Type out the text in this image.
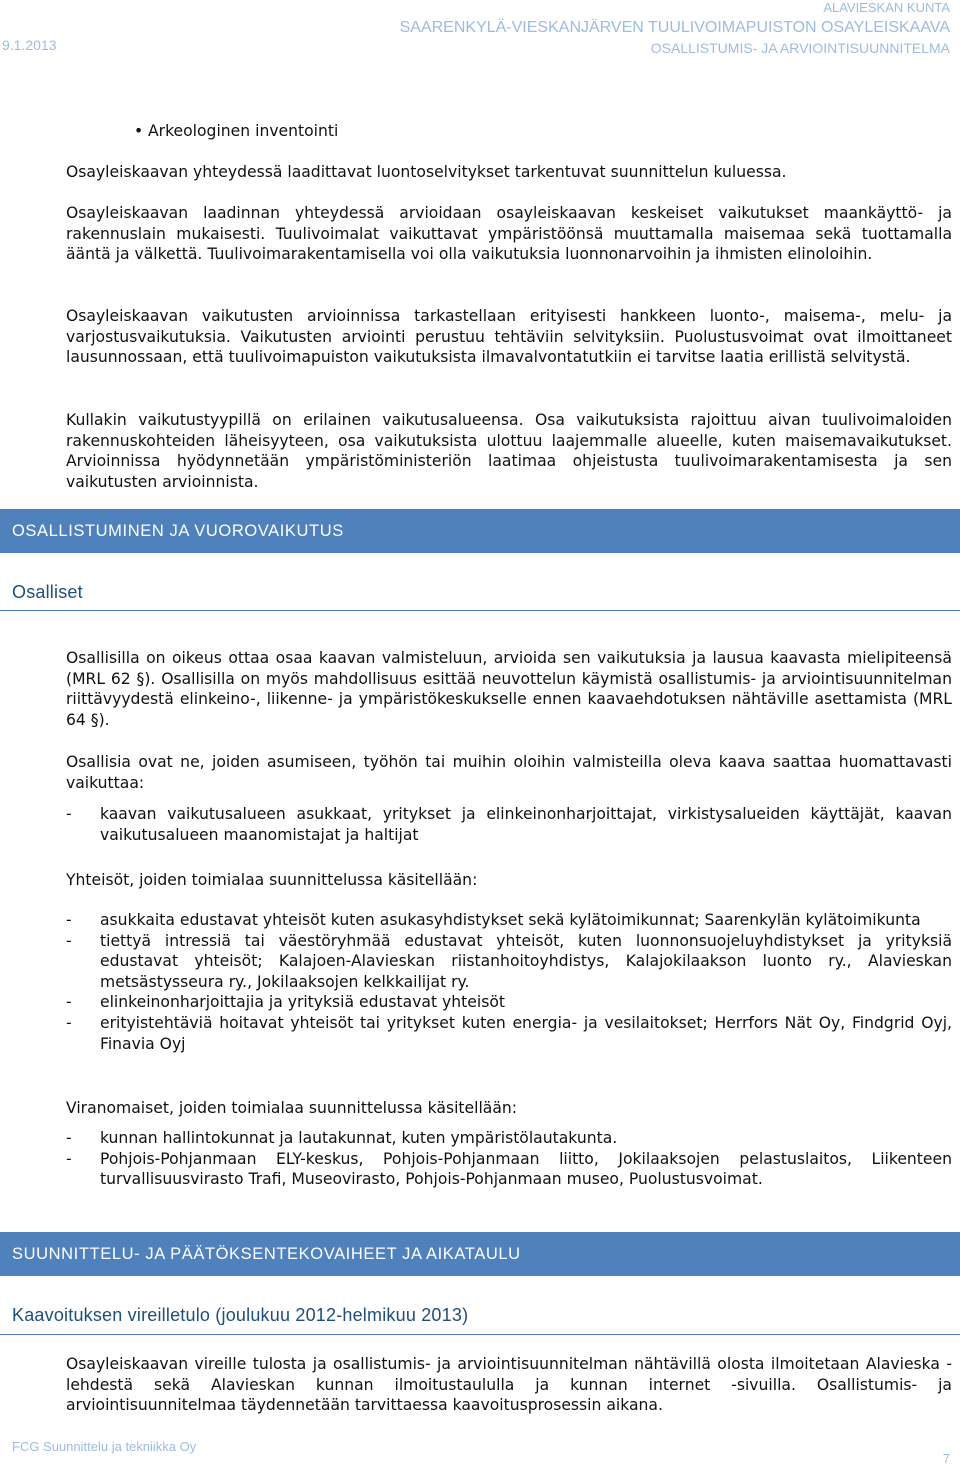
9.1.2013
ALAVIESKAN KUNTA
SAARENKYLÄ-VIESKANJÄRVEN TUULIVOIMAPUISTON OSAYLEISKAAVA
OSALLISTUMIS- JA ARVIOINTISUUNNITELMA
• Arkeologinen inventointi

Osayleiskaavan yhteydessä laadittavat luontoselvitykset tarkentuvat suunnittelun kuluessa.

Osayleiskaavan laadinnan yhteydessä arvioidaan osayleiskaavan keskeiset vaikutukset maankäyttö- ja rakennuslain mukaisesti. Tuulivoimalat vaikuttavat ympäristöönsä muuttamalla maisemaa sekä tuottamalla ääntä ja välkettä. Tuulivoimarakentamisella voi olla vaikutuksia luonnonarvoihin ja ihmisten elinoloihin.

Osayleiskaavan vaikutusten arvioinnissa tarkastellaan erityisesti hankkeen luonto-, maisema-, melu- ja varjostusvaikutuksia. Vaikutusten arviointi perustuu tehtäviin selvityksiin. Puolustusvoimat ovat ilmoittaneet lausunnossaan, että tuulivoimapuiston vaikutuksista ilmavalvontatutkiin ei tarvitse laatia erillistä selvitystä.

Kullakin vaikutustyypillä on erilainen vaikutusalueensa. Osa vaikutuksista rajoittuu aivan tuulivoimaloiden rakennuskohteiden läheisyyteen, osa vaikutuksista ulottuu laajemmalle alueelle, kuten maisemavaikutukset. Arvioinnissa hyödynnetään ympäristöministeriön laatimaa ohjeistusta tuulivoimarakentamisesta ja sen vaikutusten arvioinnista.

OSALLISTUMINEN JA VUOROVAIKUTUS
Osalliset

Osallisilla on oikeus ottaa osaa kaavan valmisteluun, arvioida sen vaikutuksia ja lausua kaavasta mielipiteensä (MRL 62 §). Osallisilla on myös mahdollisuus esittää neuvottelun käymistä osallistumis- ja arviointisuunnitelman riittävyydestä elinkeino-, liikenne- ja ympäristökeskukselle ennen kaavaehdotuksen nähtäville asettamista (MRL 64 §).

Osallisia ovat ne, joiden asumiseen, työhön tai muihin oloihin valmisteilla oleva kaava saattaa huomattavasti vaikuttaa:

-	kaavan vaikutusalueen asukkaat, yritykset ja elinkeinonharjoittajat, virkistysalueiden käyttäjät, kaavan vaikutusalueen maanomistajat ja haltijat

Yhteisöt, joiden toimialaa suunnittelussa käsitellään:

-	asukkaita edustavat yhteisöt kuten asukasyhdistykset sekä kylätoimikunnat; Saarenkylän kylätoimikunta
-	tiettyä intressiä tai väestöryhmää edustavat yhteisöt, kuten luonnonsuojeluyhdistykset ja yrityksiä edustavat yhteisöt; Kalajoen-Alavieskan riistanhoitoyhdistys, Kalajokilaakson luonto ry., Alavieskan metsästysseura ry., Jokilaaksojen kelkkailijat ry.
-	elinkeinonharjoittajia ja yrityksiä edustavat yhteisöt
-	erityistehtäviä hoitavat yhteisöt tai yritykset kuten energia- ja vesilaitokset; Herrfors Nät Oy, Findgrid Oyj, Finavia Oyj

Viranomaiset, joiden toimialaa suunnittelussa käsitellään:

-	kunnan hallintokunnat ja lautakunnat, kuten ympäristölautakunta.
-	Pohjois-Pohjanmaan ELY-keskus, Pohjois-Pohjanmaan liitto, Jokilaaksojen pelastuslaitos, Liikenteen turvallisuusvirasto Trafi, Museovirasto, Pohjois-Pohjanmaan museo, Puolustusvoimat.
SUUNNITTELU- JA PÄÄTÖKSENTEKOVAIHEET JA AIKATAULU
Kaavoituksen vireilletulo (joulukuu 2012-helmikuu 2013)

Osayleiskaavan vireille tulosta ja osallistumis- ja arviointisuunnitelman nähtävillä olosta ilmoitetaan Alavieska -lehdestä sekä Alavieskan kunnan ilmoitustaululla ja kunnan internet -sivuilla. Osallistumis- ja arviointisuunnitelmaa täydennetään tarvittaessa kaavoitusprosessin aikana.

FCG Suunnittelu ja tekniikka Oy
7
